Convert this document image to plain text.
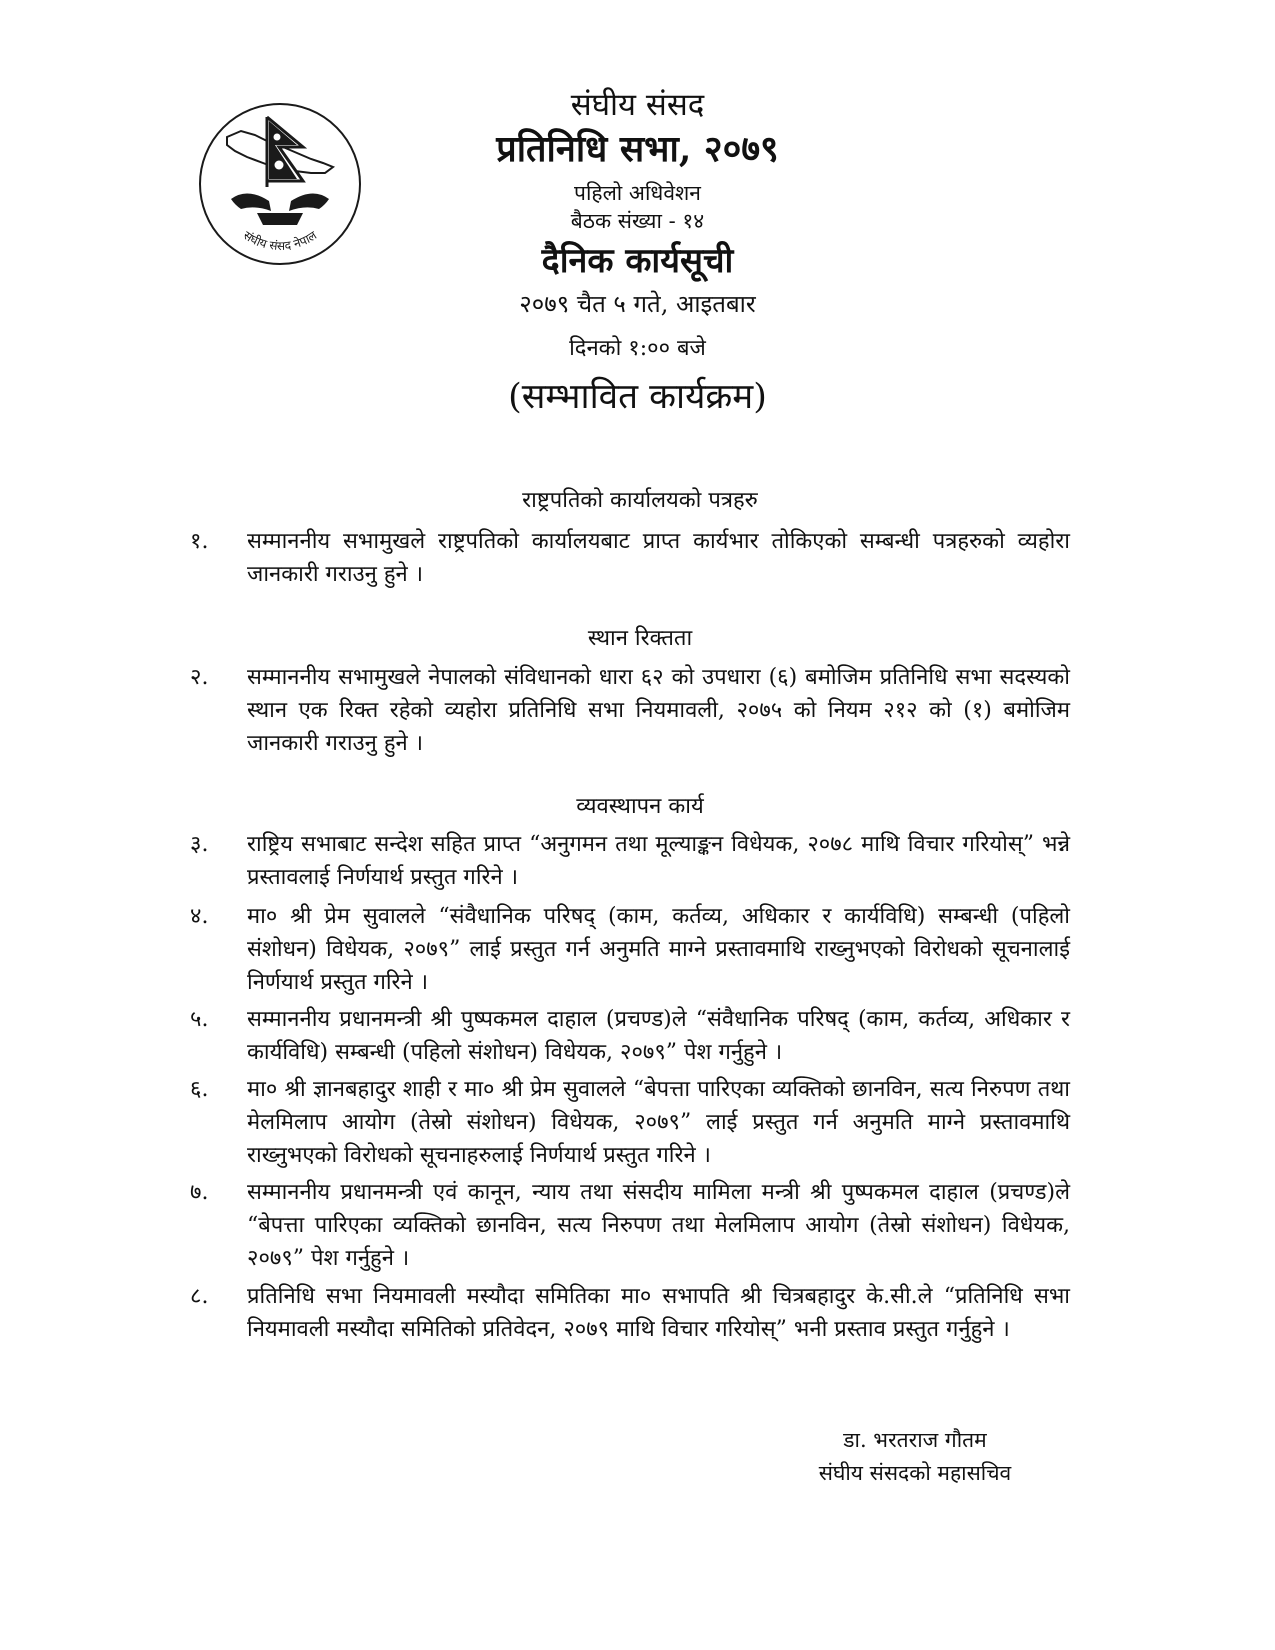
संघीय संसद नेपाल
संघीय संसद
प्रतिनिधि सभा, २०७९
पहिलो अधिवेशन
बैठक संख्या - १४
दैनिक कार्यसूची
२०७९ चैत ५ गते, आइतबार
दिनको १:०० बजे
(सम्भावित कार्यक्रम)
राष्ट्रपतिको कार्यालयको पत्रहरु
१.	सम्माननीय सभामुखले राष्ट्रपतिको कार्यालयबाट प्राप्त कार्यभार तोकिएको सम्बन्धी पत्रहरुको व्यहोरा जानकारी गराउनु हुने ।
स्थान रिक्तता
२.	सम्माननीय सभामुखले नेपालको संविधानको धारा ६२ को उपधारा (६) बमोजिम प्रतिनिधि सभा सदस्यको स्थान एक रिक्त रहेको व्यहोरा प्रतिनिधि सभा नियमावली, २०७५ को नियम २१२ को (१) बमोजिम जानकारी गराउनु हुने ।
व्यवस्थापन कार्य
३.	राष्ट्रिय सभाबाट सन्देश सहित प्राप्त “अनुगमन तथा मूल्याङ्कन विधेयक, २०७८ माथि विचार गरियोस्” भन्ने प्रस्तावलाई निर्णयार्थ प्रस्तुत गरिने ।
४.	मा० श्री प्रेम सुवालले “संवैधानिक परिषद् (काम, कर्तव्य, अधिकार र कार्यविधि) सम्बन्धी (पहिलो संशोधन) विधेयक, २०७९” लाई प्रस्तुत गर्न अनुमति माग्ने प्रस्तावमाथि राख्नुभएको विरोधको सूचनालाई निर्णयार्थ प्रस्तुत गरिने ।
५.	सम्माननीय प्रधानमन्त्री श्री पुष्पकमल दाहाल (प्रचण्ड)ले “संवैधानिक परिषद् (काम, कर्तव्य, अधिकार र कार्यविधि) सम्बन्धी (पहिलो संशोधन) विधेयक, २०७९” पेश गर्नुहुने ।
६.	मा० श्री ज्ञानबहादुर शाही र मा० श्री प्रेम सुवालले “बेपत्ता पारिएका व्यक्तिको छानविन, सत्य निरुपण तथा मेलमिलाप आयोग (तेस्रो संशोधन) विधेयक, २०७९” लाई प्रस्तुत गर्न अनुमति माग्ने प्रस्तावमाथि राख्नुभएको विरोधको सूचनाहरुलाई निर्णयार्थ प्रस्तुत गरिने ।
७.	सम्माननीय प्रधानमन्त्री एवं कानून, न्याय तथा संसदीय मामिला मन्त्री श्री पुष्पकमल दाहाल (प्रचण्ड)ले “बेपत्ता पारिएका व्यक्तिको छानविन, सत्य निरुपण तथा मेलमिलाप आयोग (तेस्रो संशोधन) विधेयक, २०७९” पेश गर्नुहुने ।
८.	प्रतिनिधि सभा नियमावली मस्यौदा समितिका मा० सभापति श्री चित्रबहादुर के.सी.ले “प्रतिनिधि सभा नियमावली मस्यौदा समितिको प्रतिवेदन, २०७९ माथि विचार गरियोस्” भनी प्रस्ताव प्रस्तुत गर्नुहुने ।
डा. भरतराज गौतम
संघीय संसदको महासचिव
